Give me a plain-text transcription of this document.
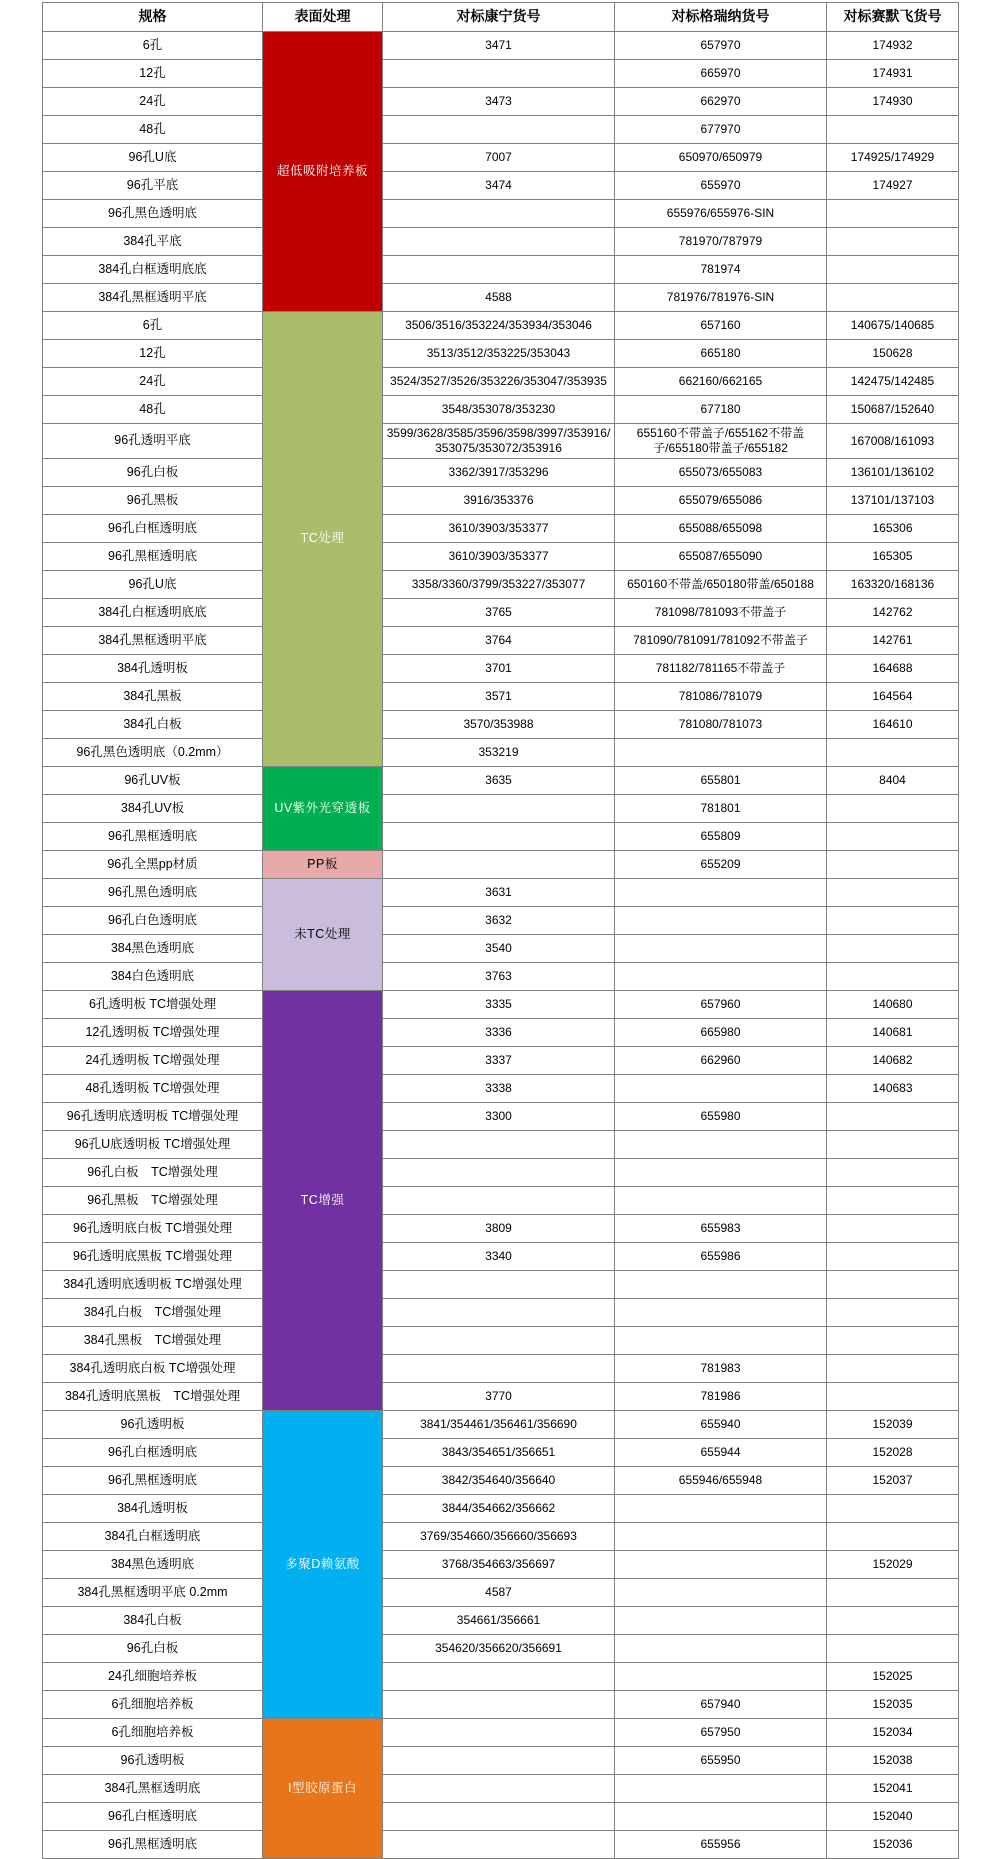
规格	表面处理	对标康宁货号	对标格瑞纳货号	对标赛默飞货号
6孔	超低吸附培养板	3471	657970	174932
12孔			665970	174931
24孔		3473	662970	174930
48孔			677970	
96孔U底		7007	650970/650979	174925/174929
96孔平底		3474	655970	174927
96孔黑色透明底			655976/655976-SIN	
384孔平底			781970/787979	
384孔白框透明底底			781974	
384孔黑框透明平底		4588	781976/781976-SIN	
6孔	TC处理	3506/3516/353224/353934/353046	657160	140675/140685
12孔		3513/3512/353225/353043	665180	150628
24孔		3524/3527/3526/353226/353047/353935	662160/662165	142475/142485
48孔		3548/353078/353230	677180	150687/152640
96孔透明平底		3599/3628/3585/3596/3598/3997/353916/353075/353072/353916	655160不带盖子/655162不带盖子/655180带盖子/655182	167008/161093
96孔白板		3362/3917/353296	655073/655083	136101/136102
96孔黑板		3916/353376	655079/655086	137101/137103
96孔白框透明底		3610/3903/353377	655088/655098	165306
96孔黑框透明底		3610/3903/353377	655087/655090	165305
96孔U底		3358/3360/3799/353227/353077	650160不带盖/650180带盖/650188	163320/168136
384孔白框透明底底		3765	781098/781093不带盖子	142762
384孔黑框透明平底		3764	781090/781091/781092不带盖子	142761
384孔透明板		3701	781182/781165不带盖子	164688
384孔黑板		3571	781086/781079	164564
384孔白板		3570/353988	781080/781073	164610
96孔黑色透明底（0.2mm）		353219		
96孔UV板	UV紫外光穿透板	3635	655801	8404
384孔UV板			781801	
96孔黑框透明底			655809	
96孔全黑pp材质	PP板		655209	
96孔黑色透明底	未TC处理	3631		
96孔白色透明底		3632		
384黑色透明底		3540		
384白色透明底		3763		
6孔透明板 TC增强处理	TC增强	3335	657960	140680
12孔透明板 TC增强处理		3336	665980	140681
24孔透明板 TC增强处理		3337	662960	140682
48孔透明板 TC增强处理		3338		140683
96孔透明底透明板 TC增强处理		3300	655980	
96孔U底透明板 TC增强处理				
96孔白板　TC增强处理				
96孔黑板　TC增强处理				
96孔透明底白板 TC增强处理		3809	655983	
96孔透明底黑板 TC增强处理		3340	655986	
384孔透明底透明板 TC增强处理				
384孔白板　TC增强处理				
384孔黑板　TC增强处理				
384孔透明底白板 TC增强处理			781983	
384孔透明底黑板　TC增强处理		3770	781986	
96孔透明板	多聚D赖氨酸	3841/354461/356461/356690	655940	152039
96孔白框透明底		3843/354651/356651	655944	152028
96孔黑框透明底		3842/354640/356640	655946/655948	152037
384孔透明板		3844/354662/356662		
384孔白框透明底		3769/354660/356660/356693		
384黑色透明底		3768/354663/356697		152029
384孔黑框透明平底 0.2mm		4587		
384孔白板		354661/356661		
96孔白板		354620/356620/356691		
24孔细胞培养板				152025
6孔细胞培养板			657940	152035
6孔细胞培养板	I型胶原蛋白		657950	152034
96孔透明板			655950	152038
384孔黑框透明底				152041
96孔白框透明底				152040
96孔黑框透明底			655956	152036
